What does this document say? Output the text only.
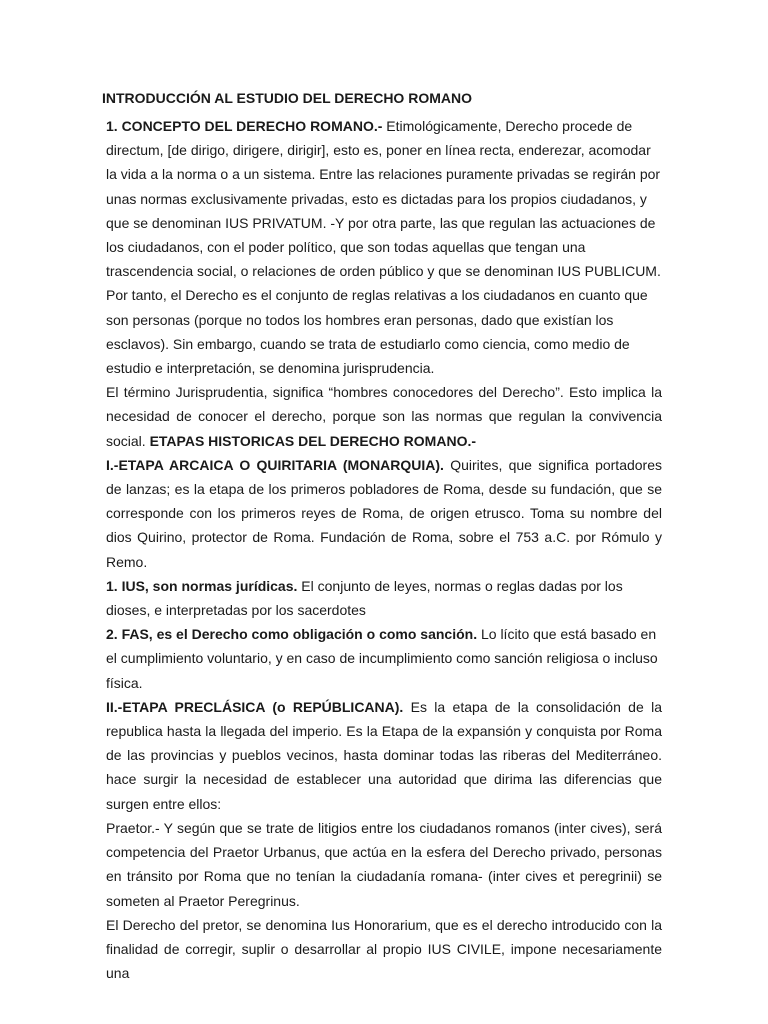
INTRODUCCIÓN AL ESTUDIO DEL DERECHO ROMANO

1. CONCEPTO DEL DERECHO ROMANO.- Etimológicamente, Derecho procede de directum, [de dirigo, dirigere, dirigir], esto es, poner en línea recta, enderezar, acomodar la vida a la norma o a un sistema. Entre las relaciones puramente privadas se regirán por unas normas exclusivamente privadas, esto es dictadas para los propios ciudadanos, y que se denominan IUS PRIVATUM. -Y por otra parte, las que regulan las actuaciones de los ciudadanos, con el poder político, que son todas aquellas que tengan una trascendencia social, o relaciones de orden público y que se denominan IUS PUBLICUM. Por tanto, el Derecho es el conjunto de reglas relativas a los ciudadanos en cuanto que son personas (porque no todos los hombres eran personas, dado que existían los esclavos). Sin embargo, cuando se trata de estudiarlo como ciencia, como medio de estudio e interpretación, se denomina jurisprudencia.

El término Jurisprudentia, significa “hombres conocedores del Derecho”. Esto implica la necesidad de conocer el derecho, porque son las normas que regulan la convivencia social. ETAPAS HISTORICAS DEL DERECHO ROMANO.-

I.-ETAPA ARCAICA O QUIRITARIA (MONARQUIA). Quirites, que significa portadores de lanzas; es la etapa de los primeros pobladores de Roma, desde su fundación, que se corresponde con los primeros reyes de Roma, de origen etrusco. Toma su nombre del dios Quirino, protector de Roma. Fundación de Roma, sobre el 753 a.C. por Rómulo y Remo.

1. IUS, son normas jurídicas. El conjunto de leyes, normas o reglas dadas por los dioses, e interpretadas por los sacerdotes

2. FAS, es el Derecho como obligación o como sanción. Lo lícito que está basado en el cumplimiento voluntario, y en caso de incumplimiento como sanción religiosa o incluso física.

II.-ETAPA PRECLÁSICA (o REPÚBLICANA). Es la etapa de la consolidación de la republica hasta la llegada del imperio. Es la Etapa de la expansión y conquista por Roma de las provincias y pueblos vecinos, hasta dominar todas las riberas del Mediterráneo. hace surgir la necesidad de establecer una autoridad que dirima las diferencias que surgen entre ellos:

Praetor.- Y según que se trate de litigios entre los ciudadanos romanos (inter cives), será competencia del Praetor Urbanus, que actúa en la esfera del Derecho privado, personas en tránsito por Roma que no tenían la ciudadanía romana- (inter cives et peregrinii) se someten al Praetor Peregrinus.

El Derecho del pretor, se denomina Ius Honorarium, que es el derecho introducido con la finalidad de corregir, suplir o desarrollar al propio IUS CIVILE, impone necesariamente una
